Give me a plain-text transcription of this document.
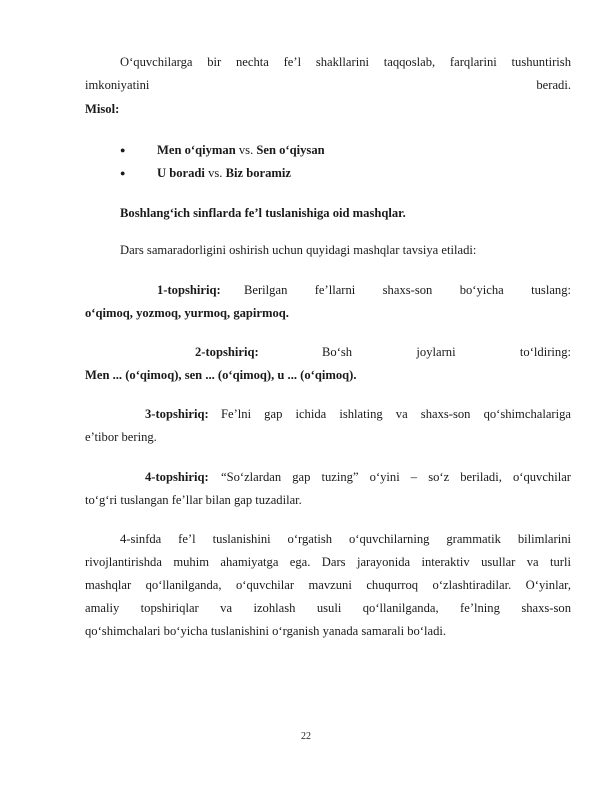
O‘quvchilarga bir nechta fe’l shakllarini taqqoslab, farqlarini tushuntirish
imkoniyatini	beradi.
Misol:
●	Men o‘qiyman vs. Sen o‘qiysan
●	U boradi vs. Biz boramiz
Boshlang‘ich sinflarda fe’l tuslanishiga oid mashqlar.
Dars samaradorligini oshirish uchun quyidagi mashqlar tavsiya etiladi:
1-topshiriq: Berilgan fe’llarni shaxs-son bo‘yicha tuslang:
o‘qimoq, yozmoq, yurmoq, gapirmoq.
2-topshiriq:	Bo‘sh joylarni to‘ldiring:
Men ... (o‘qimoq), sen ... (o‘qimoq), u ... (o‘qimoq).
3-topshiriq: Fe’lni gap ichida ishlating va shaxs-son qo‘shimchalariga
e’tibor bering.
4-topshiriq: “So‘zlardan gap tuzing” o‘yini – so‘z beriladi, o‘quvchilar
to‘g‘ri tuslangan fe’llar bilan gap tuzadilar.
4-sinfda fe’l tuslanishini o‘rgatish o‘quvchilarning grammatik bilimlarini
rivojlantirishda muhim ahamiyatga ega. Dars jarayonida interaktiv usullar va turli
mashqlar qo‘llanilganda, o‘quvchilar mavzuni chuqurroq o‘zlashtiradilar. O‘yinlar,
amaliy topshiriqlar va izohlash usuli qo‘llanilganda, fe’lning shaxs-son
qo‘shimchalari bo‘yicha tuslanishini o‘rganish yanada samarali bo‘ladi.
22
